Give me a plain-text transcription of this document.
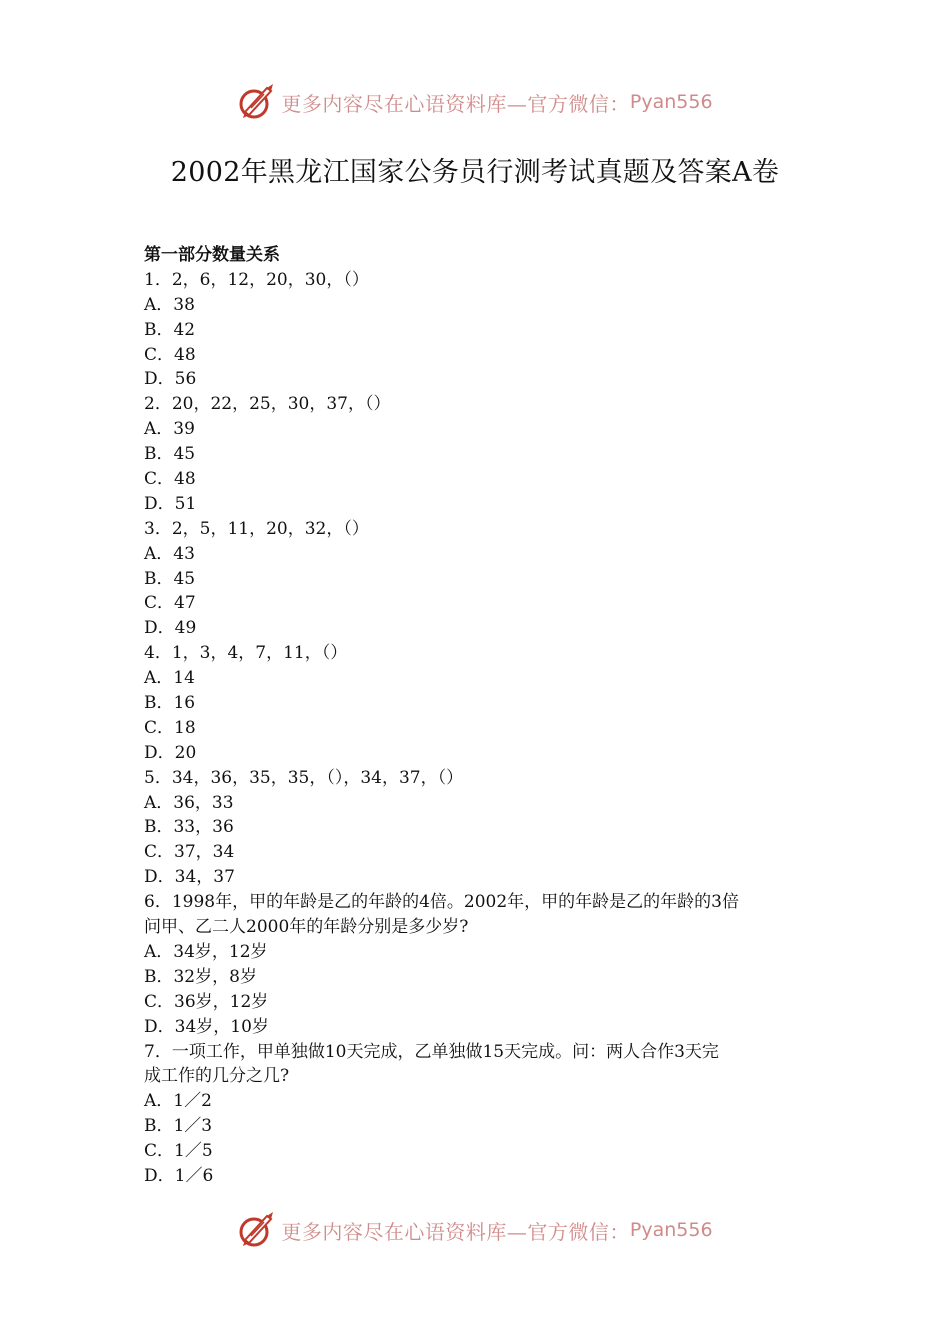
更多内容尽在心语资料库—官方微信： Pyan556
2002年黑龙江国家公务员行测考试真题及答案A卷
第一部分数量关系
1．2，6，12，20，30，（）
A．38
B．42
C．48
D．56
2．20，22，25，30，37，（）
A．39
B．45
C．48
D．51
3．2，5，11，20，32，（）
A．43
B．45
C．47
D．49
4．1，3，4，7，11，（）
A．14
B．16
C．18
D．20
5．34，36，35，35，（），34，37，（）
A．36，33
B．33，36
C．37，34
D．34，37
6．1998年，甲的年龄是乙的年龄的4倍。2002年，甲的年龄是乙的年龄的3倍
问甲、乙二人2000年的年龄分别是多少岁?
A．34岁，12岁
B．32岁，8岁
C．36岁，12岁
D．34岁，10岁
7．一项工作，甲单独做10天完成，乙单独做15天完成。问：两人合作3天完
成工作的几分之几?
A．1／2
B．1／3
C．1／5
D．1／6
更多内容尽在心语资料库—官方微信： Pyan556
